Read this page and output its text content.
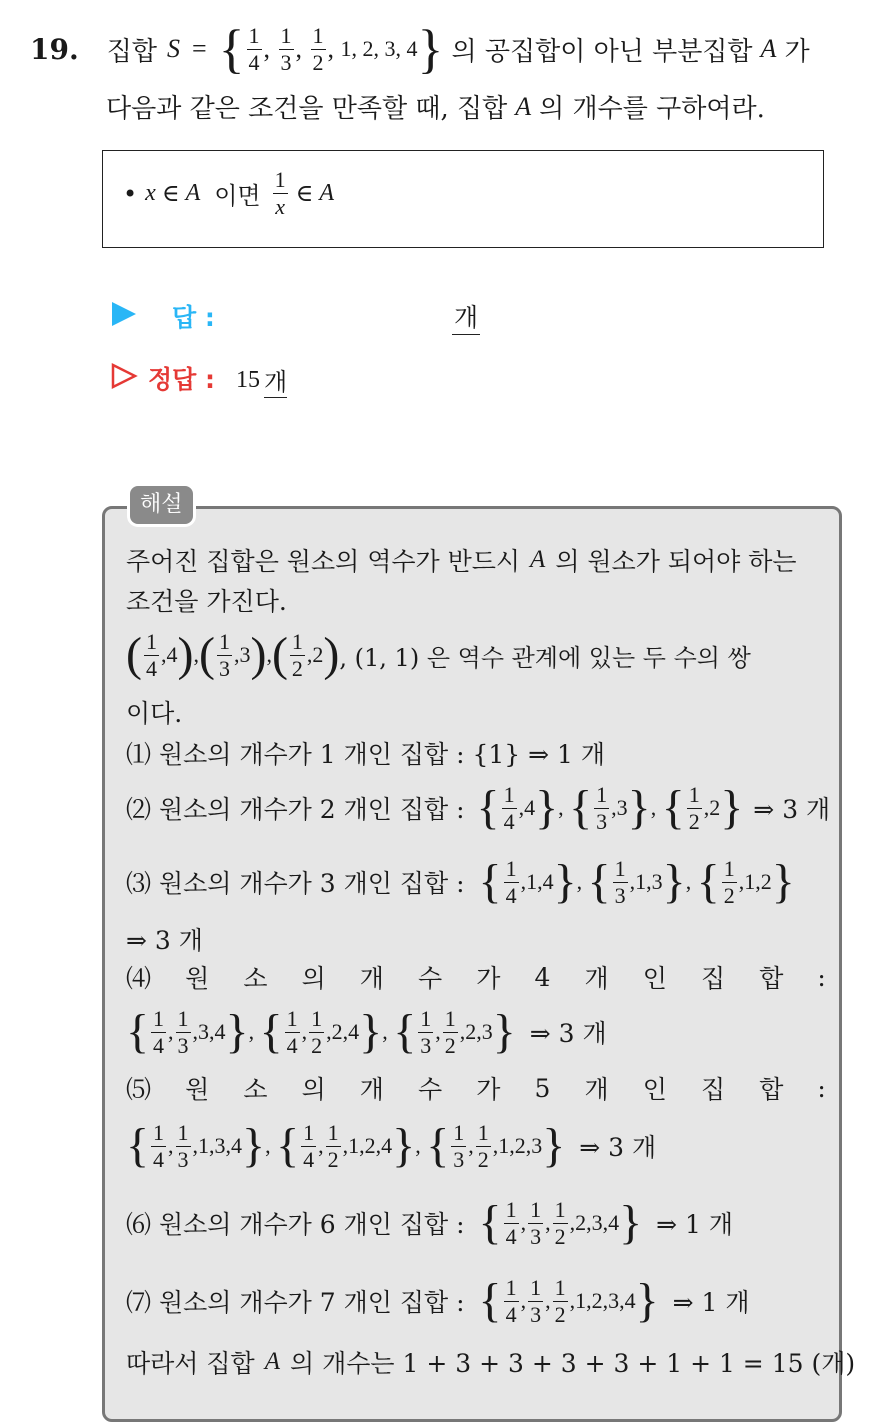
19. 집합 S = { $\frac{1}{4}$ , $\frac{1}{3}$ , $\frac{1}{2}$ , 1, 2, 3, 4 } 의 공집합이 아닌 부분집합 A 가
다음과 같은 조건을 만족할 때, 집합 A 의 개수를 구하여라.
• x ∈ A 이면 $\frac{1}{x}$ ∈ A
답 :	개
정답 : 15 개
해설
주어진 집합은 원소의 역수가 반드시 A 의 원소가 되어야 하는
조건을 가진다.
( $\frac{1}{4} ,4$ ) , ( $\frac{1}{3} ,3$ ) , ( $\frac{1}{2} ,2$ ) , (1, 1) 은 역수 관계에 있는 두 수의 쌍
이다.
⑴ 원소의 개수가 1 개인 집합 : {1} ⇒ 1 개
⑵ 원소의 개수가 2 개인 집합 : { $\frac{1}{4} ,4$ } , { $\frac{1}{3} ,3$ } , { $\frac{1}{2} ,2$ } ⇒ 3 개
⑶ 원소의 개수가 3 개인 집합 : { $\frac{1}{4} ,1,4$ } , { $\frac{1}{3} ,1,3$ } , { $\frac{1}{2} ,1,2$ }
⇒ 3 개
⑷ 원 소 의 개 수 가 4 개 인 집 합 :
{ $\frac{1}{4}$ , $\frac{1}{3} ,3,4$ } , { $\frac{1}{4}$ , $\frac{1}{2} ,2,4$ } , { $\frac{1}{3}$ , $\frac{1}{2} ,2,3$ } ⇒ 3 개
⑸ 원 소 의 개 수 가 5 개 인 집 합 :
{ $\frac{1}{4}$ , $\frac{1}{3} ,1,3,4$ } , { $\frac{1}{4}$ , $\frac{1}{2} ,1,2,4$ } , { $\frac{1}{3}$ , $\frac{1}{2} ,1,2,3$ } ⇒ 3 개
⑹ 원소의 개수가 6 개인 집합 : { $\frac{1}{4}$ , $\frac{1}{3}$ , $\frac{1}{2} ,2,3,4$ } ⇒ 1 개
⑺ 원소의 개수가 7 개인 집합 : { $\frac{1}{4}$ , $\frac{1}{3}$ , $\frac{1}{2} ,1,2,3,4$ } ⇒ 1 개
따라서 집합 A 의 개수는 1 + 3 + 3 + 3 + 3 + 1 + 1 = 15 (개)
